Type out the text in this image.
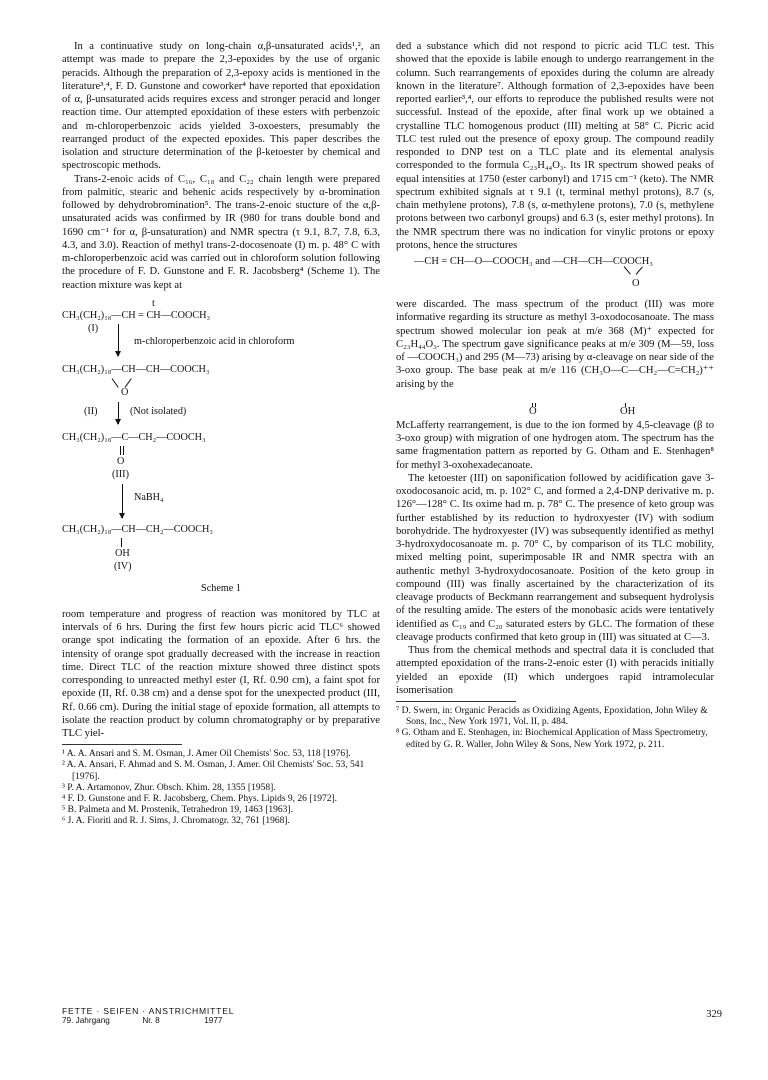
In a continuative study on long-chain α,β-unsaturated acids¹,², an attempt was made to prepare the 2,3-epoxides by the use of organic peracids. Although the preparation of 2,3-epoxy acids is mentioned in the literature³,⁴, F. D. Gunstone and coworker⁴ have reported that epoxidation of α, β-unsaturated acids requires excess and stronger peracid and longer reaction time. Our attempted epoxidation of these esters with perbenzoic and m-chloroperbenzoic acids yielded 3-oxoesters, presumably the rearranged product of the expected epoxides. This paper describes the isolation and structure determination of the β-ketoester by chemical and spectroscopic methods.

Trans-2-enoic acids of C₁₆, C₁₈ and C₂₂ chain length were prepared from palmitic, stearic and behenic acids respectively by α-bromination followed by dehydrobromination⁵. The trans-2-enoic stucture of the α,β-unsaturated acids was confirmed by IR (980 for trans double bond and 1690 cm⁻¹ for α, β-unsaturation) and NMR spectra (τ 9.1, 8.7, 7.8, 6.3, 4.3, and 3.0). Reaction of methyl trans-2-docosenoate (I) m. p. 48° C with m-chloroperbenzoic acid was carried out in chloroform solution following the procedure of F. D. Gunstone and F. R. Jacobsberg⁴ (Scheme 1). The reaction mixture was kept at

t
CH₃(CH₂)₁₈—CH = CH—COOCH₃
(I)
m-chloroperbenzoic acid in chloroform
CH₃(CH₂)₁₈—CH—CH—COOCH₃
O
(II)	(Not isolated)
CH₃(CH₂)₁₈—C—CH₂—COOCH₃
O
(III)
NaBH₄
CH₃(CH₂)₁₈—CH—CH₂—COOCH₃
OH
(IV)
Scheme 1

room temperature and progress of reaction was monitored by TLC at intervals of 6 hrs. During the first few hours picric acid TLC⁶ showed orange spot indicating the formation of an epoxide. After 6 hrs. the intensity of orange spot gradually decreased with the increase in reaction time. Direct TLC of the reaction mixture showed three distinct spots corresponding to unreacted methyl ester (I, Rf. 0.90 cm), a faint spot for epoxide (II, Rf. 0.38 cm) and a dense spot for the unexpected product (III, Rf. 0.66 cm). During the initial stage of epoxide formation, all attempts to isolate the reaction product by column chromatography or by preparative TLC yiel-

¹ A. A. Ansari and S. M. Osman, J. Amer Oil Chemists' Soc. 53, 118 [1976].

² A. A. Ansari, F. Ahmad and S. M. Osman, J. Amer. Oil Chemists' Soc. 53, 541 [1976].

³ P. A. Artamonov, Zhur. Obsch. Khim. 28, 1355 [1958].

⁴ F. D. Gunstone and F. R. Jacobsberg, Chem. Phys. Lipids 9, 26 [1972].

⁵ B. Palmeta and M. Prostenik, Tetrahedron 19, 1463 [1963].

⁶ J. A. Fioriti and R. J. Sims, J. Chromatogr. 32, 761 [1968].

ded a substance which did not respond to picric acid TLC test. This showed that the epoxide is labile enough to undergo rearrangement in the column. Such rearrangements of epoxides during the column are already known in the literature⁷. Although formation of 2,3-epoxides have been reported earlier³,⁴, our efforts to reproduce the published results were not successful. Instead of the epoxide, after final work up we obtained a crystalline TLC homogenous product (III) melting at 58° C. Picric acid TLC test ruled out the presence of epoxy group. The compound readily responded to DNP test on a TLC plate and its elemental analysis corresponded to the formula C₂₃H₄₄O₃. Its IR spectrum showed peaks of equal intensities at 1750 (ester carbonyl) and 1715 cm⁻¹ (keto). The NMR spectrum exhibited signals at τ 9.1 (t, terminal methyl protons), 8.7 (s, chain methylene protons), 7.8 (s, α-methylene protons), 7.0 (s, methylene protons between two carbonyl groups) and 6.3 (s, ester methyl protons). In the NMR spectrum there was no indication for vinylic protons or epoxy protons, hence the structures

—CH = CH—O—COOCH₃ and —CH—CH—COOCH₃
O

were discarded. The mass spectrum of the product (III) was more informative regarding its structure as methyl 3-oxodocosanoate. The mass spectrum showed molecular ion peak at m/e 368 (M)⁺ expected for C₂₃H₄₄O₃. The spectrum gave significance peaks at m/e 309 (M—59, loss of —COOCH₃) and 295 (M—73) arising by α-cleavage on near side of the 3-oxo group. The base peak at m/e 116 (CH₃O—C—CH₂—C=CH₂)⁺⁺ arising by the

O	OH

McLafferty rearrangement, is due to the ion formed by 4,5-cleavage (β to 3-oxo group) with migration of one hydrogen atom. The spectrum has the same fragmentation pattern as reported by G. Otham and E. Stenhagen⁸ for methyl 3-oxohexadecanoate.

The ketoester (III) on saponification followed by acidification gave 3-oxodocosanoic acid, m. p. 102° C, and formed a 2,4-DNP derivative m. p. 126°—128° C. Its oxime had m. p. 78° C. The presence of keto group was further established by its reduction to hydroxyester (IV) with sodium borohydride. The hydroxyester (IV) was subsequently identified as methyl 3-hydroxydocosanoate m. p. 70° C, by comparison of its TLC mobility, mixed melting point, superimposable IR and NMR spectra with an authentic methyl 3-hydroxydocosanoate. Position of the keto group in compound (III) was finally ascertained by the characterization of its cleavage products of Beckmann rearrangement and subsequent hydrolysis of the resulting amide. The esters of the monobasic acids were tentatively identified as C₁₉ and C₂₀ saturated esters by GLC. The formation of these cleavage products confirmed that keto group in (III) was situated at C—3.

Thus from the chemical methods and spectral data it is concluded that attempted epoxidation of the trans-2-enoic ester (I) with peracids initially yielded an epoxide (II) which undergoes rapid intramolecular isomerisation

⁷ D. Swern, in: Organic Peracids as Oxidizing Agents, Epoxidation, John Wiley & Sons, Inc., New York 1971, Vol. II, p. 484.

⁸ G. Otham and E. Stenhagen, in: Biochemical Application of Mass Spectrometry, edited by G. R. Waller, John Wiley & Sons, New York 1972, p. 211.

FETTE · SEIFEN · ANSTRICHMITTEL
79. Jahrgang	Nr. 8	1977
329
